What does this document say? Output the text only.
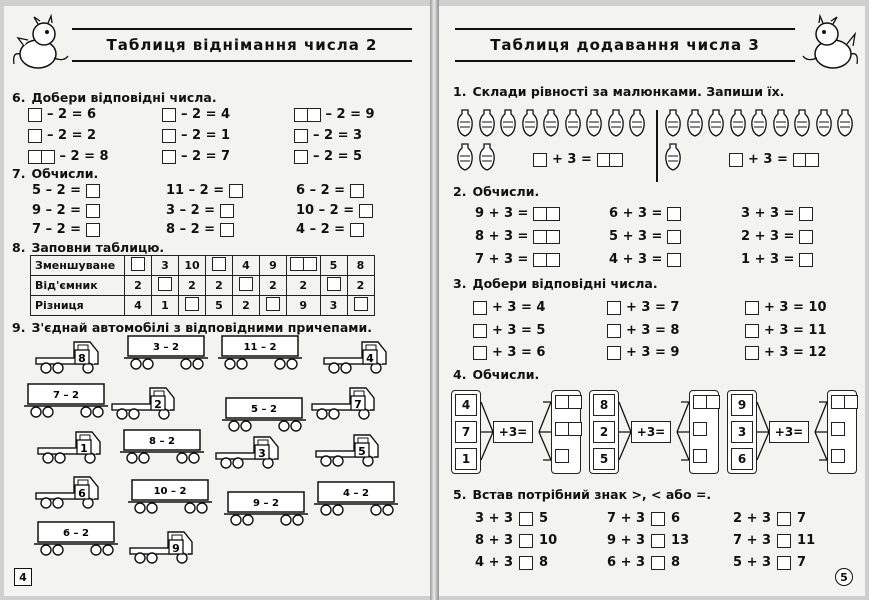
Таблиця віднімання числа 2
6. Добери відповідні числа.
– 2 = 6	– 2 = 4	– 2 = 9
– 2 = 2	– 2 = 1	– 2 = 3
– 2 = 8	– 2 = 7	– 2 = 5
7. Обчисли.
5 – 2 =	11 – 2 =	6 – 2 =
9 – 2 =	3 – 2 =	10 – 2 =
7 – 2 =	8 – 2 =	4 – 2 =
8. Заповни таблицю.
Зменшуване		3	10		4	9		5	8
Від'ємник	2		2	2		2	2		2
Різниця	4	1		5	2		9	3	
9. З'єднай автомобілі з відповідними причепами.
8
3 – 2	11 – 2
4
7 – 2
2	5 – 2	7
1
8 – 2
3	5
6	10 – 2
9 – 2
4 – 2
6 – 2
9
4
Таблиця додавання числа 3
1. Склади рівності за малюнками. Запиши їх.
+ 3 =	+ 3 =
2. Обчисли.
9 + 3 =	6 + 3 =	3 + 3 =
8 + 3 =	5 + 3 =	2 + 3 =
7 + 3 =	4 + 3 =	1 + 3 =
3. Добери відповідні числа.
+ 3 = 4	+ 3 = 7	+ 3 = 10
+ 3 = 5	+ 3 = 8	+ 3 = 11
+ 3 = 6	+ 3 = 9	+ 3 = 12
4. Обчисли.
4
7
1
+3=
8
2
5
+3=
9
3
6
+3=
5. Встав потрібний знак >, < або =.
3 + 3 5	7 + 3 6	2 + 3 7
8 + 3 10	9 + 3 13	7 + 3 11
4 + 3 8	6 + 3 8	5 + 3 7
5
